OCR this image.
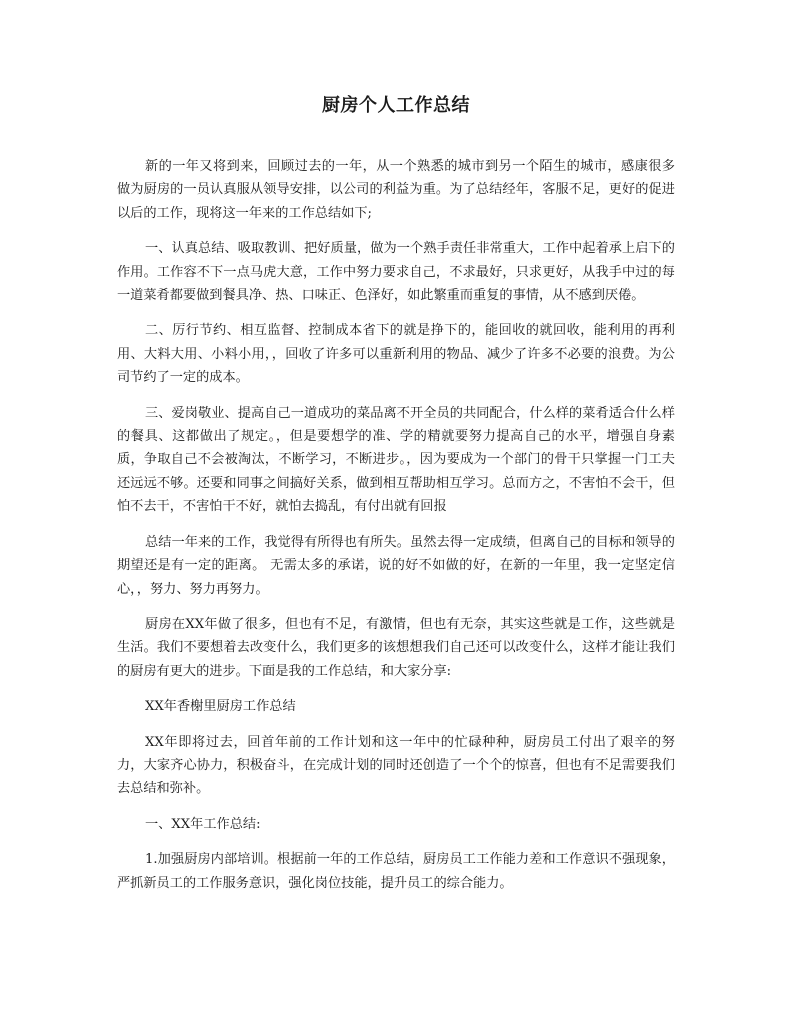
厨房个人工作总结

新的一年又将到来，回顾过去的一年，从一个熟悉的城市到另一个陌生的城市，感康很多 做为厨房的一员认真服从领导安排，以公司的利益为重。为了总结经年，客服不足，更好的促进以后的工作，现将这一年来的工作总结如下;

一、认真总结、吸取教训、把好质量，做为一个熟手责任非常重大，工作中起着承上启下的作用。工作容不下一点马虎大意，工作中努力要求自己，不求最好，只求更好，从我手中过的每一道菜肴都要做到餐具净、热、口味正、色泽好，如此繁重而重复的事情，从不感到厌倦。

二、厉行节约、相互监督、控制成本省下的就是挣下的，能回收的就回收，能利用的再利用、大料大用、小料小用，，回收了许多可以重新利用的物品、减少了许多不必要的浪费。为公司节约了一定的成本。

三、爱岗敬业、提高自己一道成功的菜品离不开全员的共同配合，什么样的菜肴适合什么样的餐具、这都做出了规定。，但是要想学的准、学的精就要努力提高自己的水平，增强自身素质，争取自己不会被淘汰，不断学习，不断进步。，因为要成为一个部门的骨干只掌握一门工夫还远远不够。还要和同事之间搞好关系，做到相互帮助相互学习。总而方之，不害怕不会干，但怕不去干，不害怕干不好，就怕去捣乱，有付出就有回报

总结一年来的工作，我觉得有所得也有所失。虽然去得一定成绩，但离自己的目标和领导的期望还是有一定的距离。 无需太多的承诺，说的好不如做的好，在新的一年里，我一定坚定信心，，努力、努力再努力。

厨房在XX年做了很多，但也有不足，有激情，但也有无奈，其实这些就是工作，这些就是生活。我们不要想着去改变什么，我们更多的该想想我们自己还可以改变什么，这样才能让我们的厨房有更大的进步。下面是我的工作总结，和大家分享:

XX年香榭里厨房工作总结

XX年即将过去，回首年前的工作计划和这一年中的忙碌种种，厨房员工付出了艰辛的努力，大家齐心协力，积极奋斗，在完成计划的同时还创造了一个个的惊喜，但也有不足需要我们去总结和弥补。

一、XX年工作总结:

1.加强厨房内部培训。根据前一年的工作总结，厨房员工工作能力差和工作意识不强现象，严抓新员工的工作服务意识，强化岗位技能，提升员工的综合能力。
